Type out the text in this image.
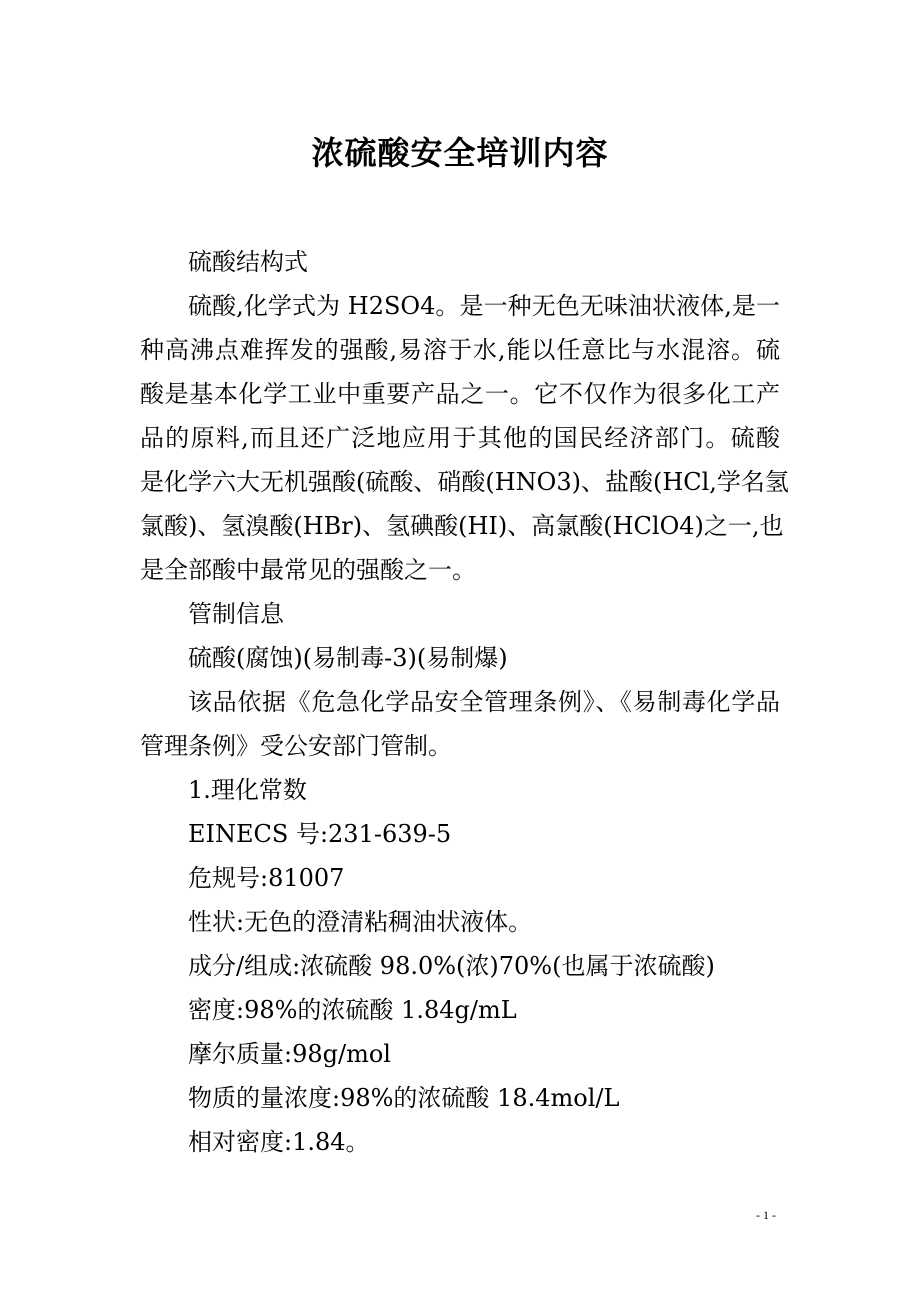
浓硫酸安全培训内容
硫酸结构式
硫酸,化学式为 H2SO4。是一种无色无味油状液体,是一
种高沸点难挥发的强酸,易溶于水,能以任意比与水混溶。硫
酸是基本化学工业中重要产品之一。它不仅作为很多化工产
品的原料,而且还广泛地应用于其他的国民经济部门。硫酸
是化学六大无机强酸(硫酸、硝酸(HNO3)、盐酸(HCl,学名氢
氯酸)、氢溴酸(HBr)、氢碘酸(HI)、高氯酸(HClO4)之一,也
是全部酸中最常见的强酸之一。
管制信息
硫酸(腐蚀)(易制毒-3)(易制爆)
该品依据《危急化学品安全管理条例》、《易制毒化学品
管理条例》受公安部门管制。
1.理化常数
EINECS 号:231-639-5
危规号:81007
性状:无色的澄清粘稠油状液体。
成分/组成:浓硫酸 98.0%(浓)70%(也属于浓硫酸)
密度:98%的浓硫酸 1.84g/mL
摩尔质量:98g/mol
物质的量浓度:98%的浓硫酸 18.4mol/L
相对密度:1.84。
- 1 -
